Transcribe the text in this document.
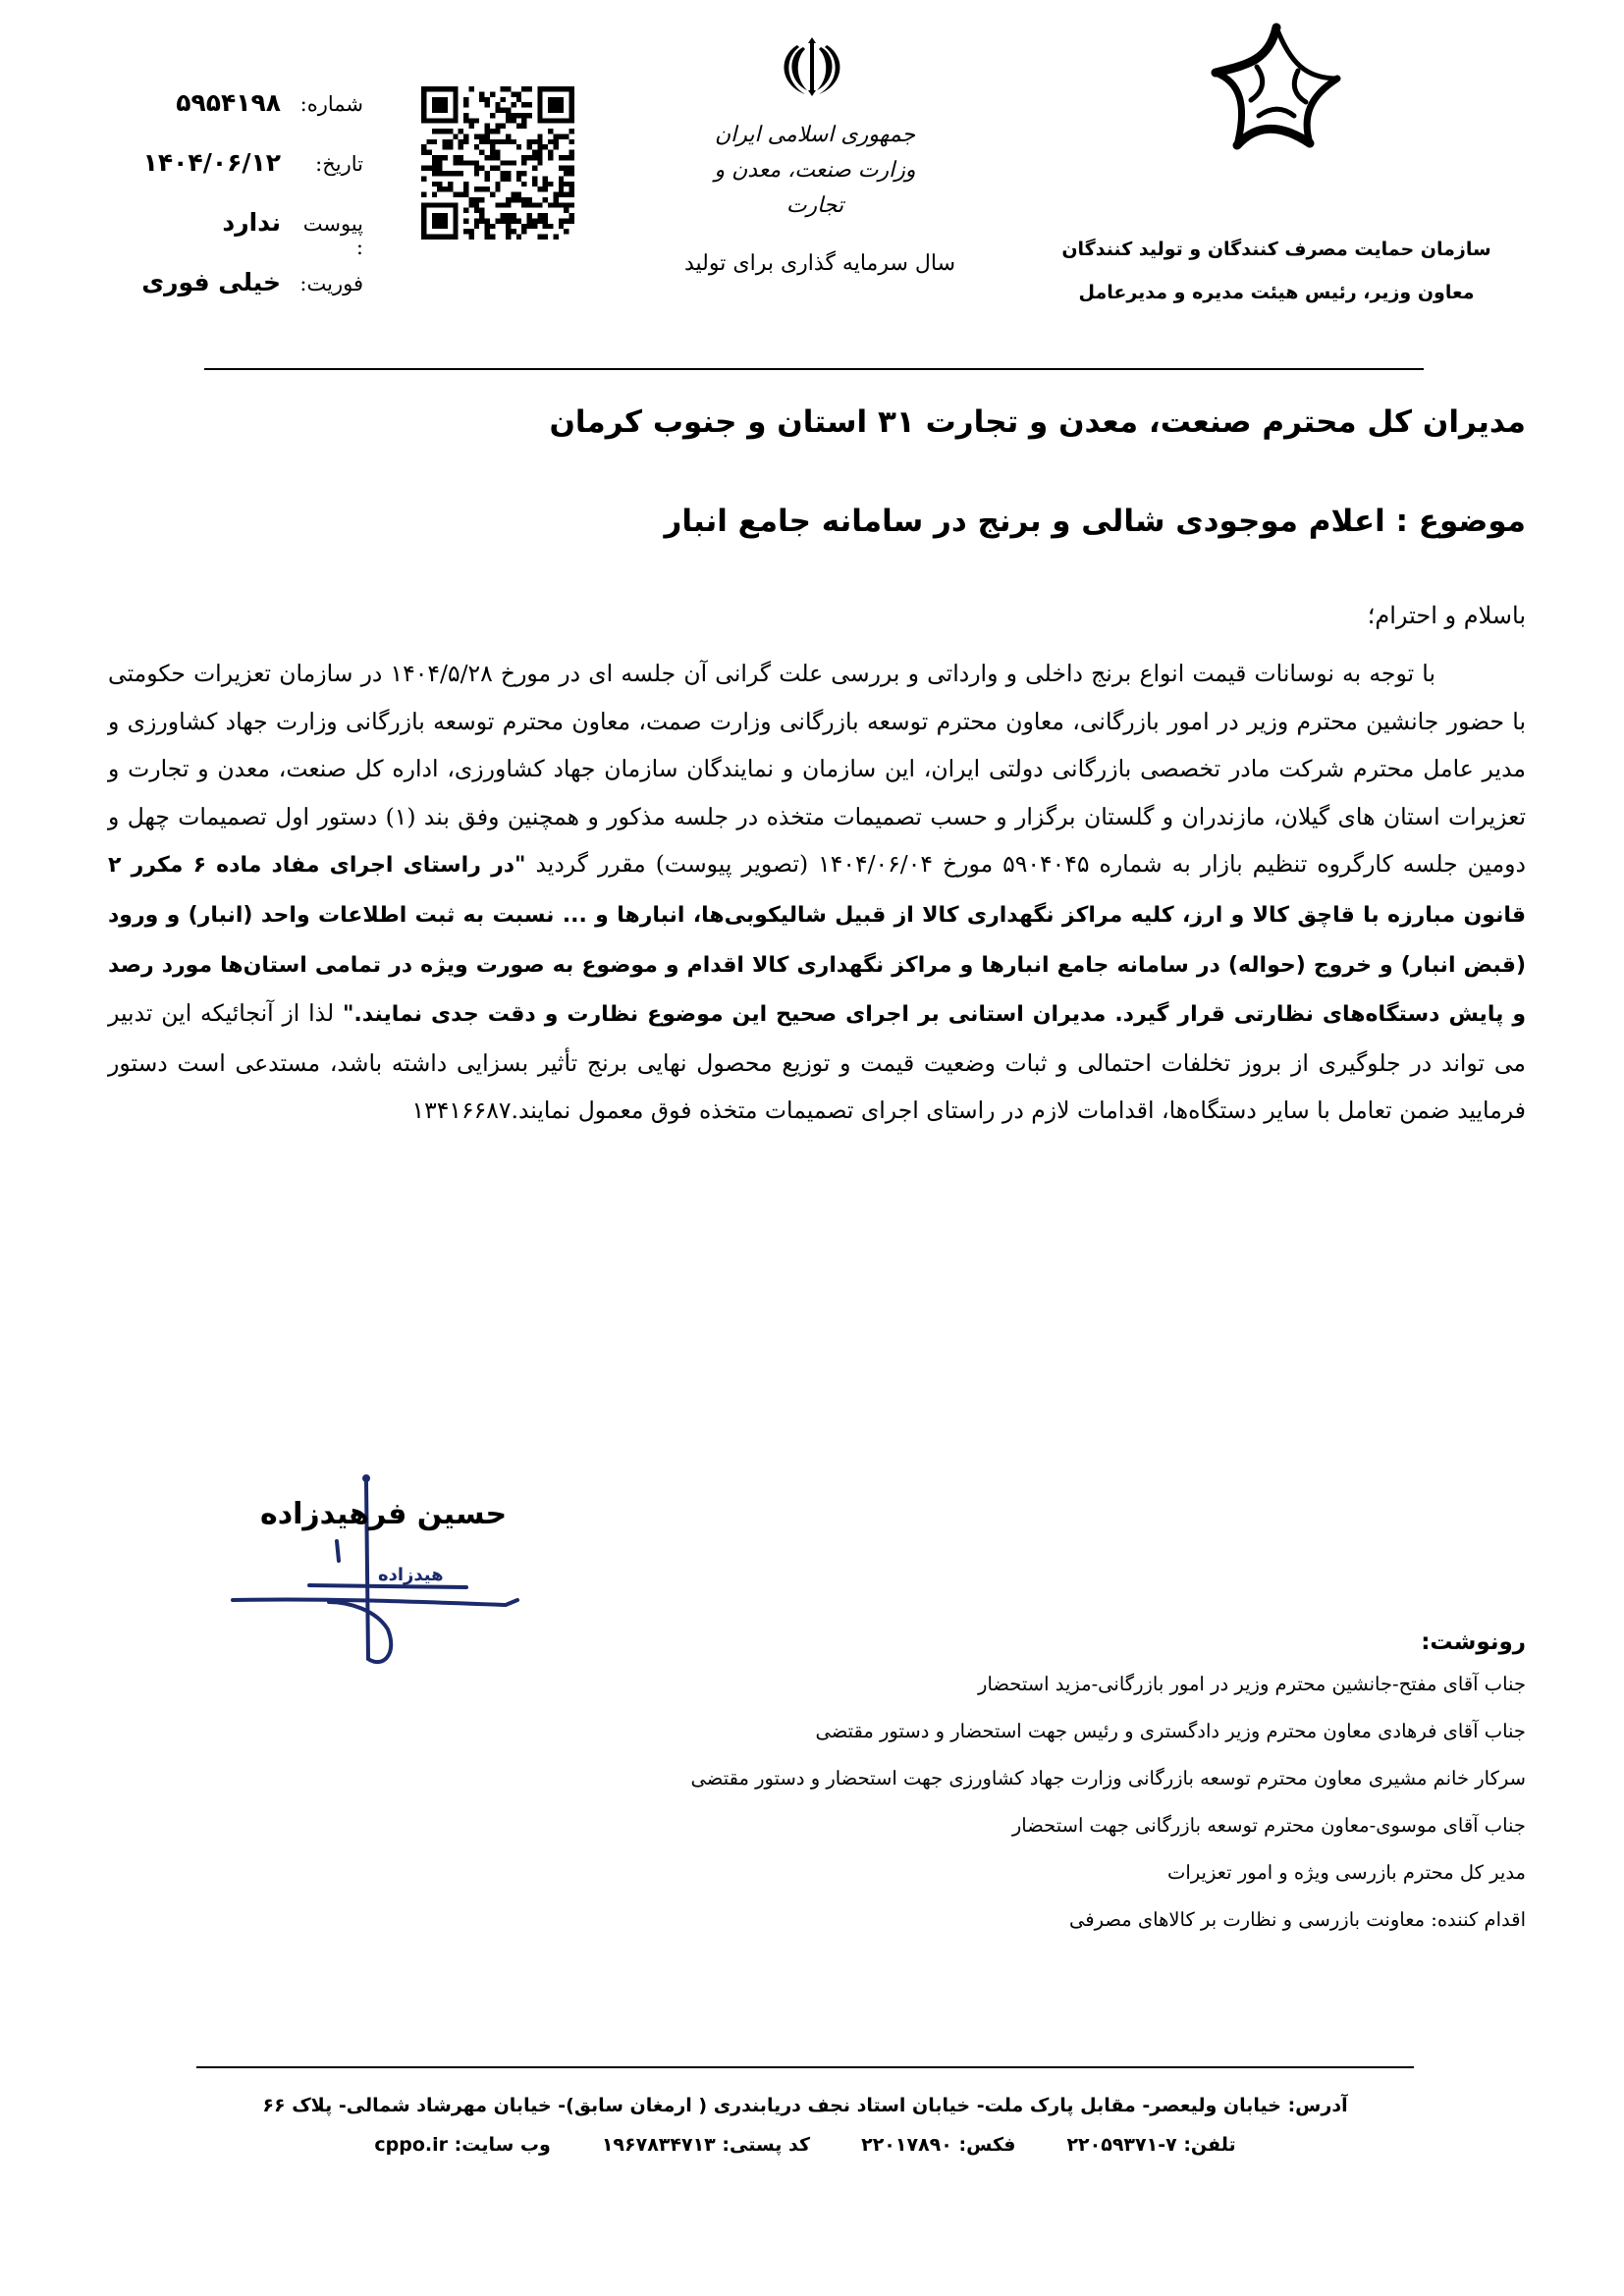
شماره:
۵۹۵۴۱۹۸
تاریخ:
۱۴۰۴/۰۶/۱۲
پیوست :
ندارد
فوریت:
خیلی فوری
جمهوری اسلامی ایران
وزارت صنعت، معدن و تجارت
سال سرمایه گذاری برای تولید
سازمان حمایت مصرف کنندگان و تولید کنندگان
معاون وزیر، رئیس هیئت مدیره و مدیرعامل
مدیران کل محترم صنعت، معدن و تجارت ۳۱ استان و جنوب کرمان
موضوع : اعلام موجودی شالی و برنج در سامانه جامع انبار
باسلام و احترام؛

با توجه به نوسانات قیمت انواع برنج داخلی و وارداتی و بررسی علت گرانی آن جلسه ای در مورخ ۱۴۰۴/۵/۲۸ در سازمان تعزیرات حکومتی با حضور جانشین محترم وزیر در امور بازرگانی، معاون محترم توسعه بازرگانی وزارت صمت، معاون محترم توسعه بازرگانی وزارت جهاد کشاورزی و مدیر عامل محترم شرکت مادر تخصصی بازرگانی دولتی ایران، این سازمان و نمایندگان سازمان جهاد کشاورزی، اداره کل صنعت، معدن و تجارت و تعزیرات استان های گیلان، مازندران و گلستان برگزار و حسب تصمیمات متخذه در جلسه مذکور و همچنین وفق بند (۱) دستور اول تصمیمات چهل و دومین جلسه کارگروه تنظیم بازار به شماره ۵۹۰۴۰۴۵ مورخ ۱۴۰۴/۰۶/۰۴ (تصویر پیوست) مقرر گردید "در راستای اجرای مفاد ماده ۶ مکرر ۲ قانون مبارزه با قاچق کالا و ارز، کلیه مراکز نگهداری کالا از قبیل شالیکوبی‌ها، انبارها و ... نسبت به ثبت اطلاعات واحد (انبار) و ورود (قبض انبار) و خروج (حواله) در سامانه جامع انبارها و مراکز نگهداری کالا اقدام و موضوع به صورت ویژه در تمامی استان‌ها مورد رصد و پایش دستگاه‌های نظارتی قرار گیرد. مدیران استانی بر اجرای صحیح این موضوع نظارت و دقت جدی نمایند." لذا از آنجائیکه این تدبیر می تواند در جلوگیری از بروز تخلفات احتمالی و ثبات وضعیت قیمت و توزیع محصول نهایی برنج تأثیر بسزایی داشته باشد، مستدعی است دستور فرمایید ضمن تعامل با سایر دستگاه‌ها، اقدامات لازم در راستای اجرای تصمیمات متخذه فوق معمول نمایند.۱۳۴۱۶۶۸۷

هیدزاده
حسین فرهیدزاده
رونوشت:
جناب آقای مفتح-جانشین محترم وزیر در امور بازرگانی-مزید استحضار
جناب آقای فرهادی معاون محترم وزیر دادگستری و رئیس جهت استحضار و دستور مقتضی
سرکار خانم مشیری معاون محترم توسعه بازرگانی وزارت جهاد کشاورزی جهت استحضار و دستور مقتضی
جناب آقای موسوی-معاون محترم توسعه بازرگانی جهت استحضار
مدیر کل محترم بازرسی ویژه و امور تعزیرات
اقدام کننده: معاونت بازرسی و نظارت بر کالاهای مصرفی
آدرس: خیابان ولیعصر- مقابل پارک ملت- خیابان استاد نجف دریابندری ( ارمغان سابق)- خیابان مهرشاد شمالی- پلاک ۶۶
تلفن: ۷-۲۲۰۵۹۳۷۱
فکس: ۲۲۰۱۷۸۹۰
کد پستی: ۱۹۶۷۸۳۴۷۱۳
وب سایت: cppo.ir
